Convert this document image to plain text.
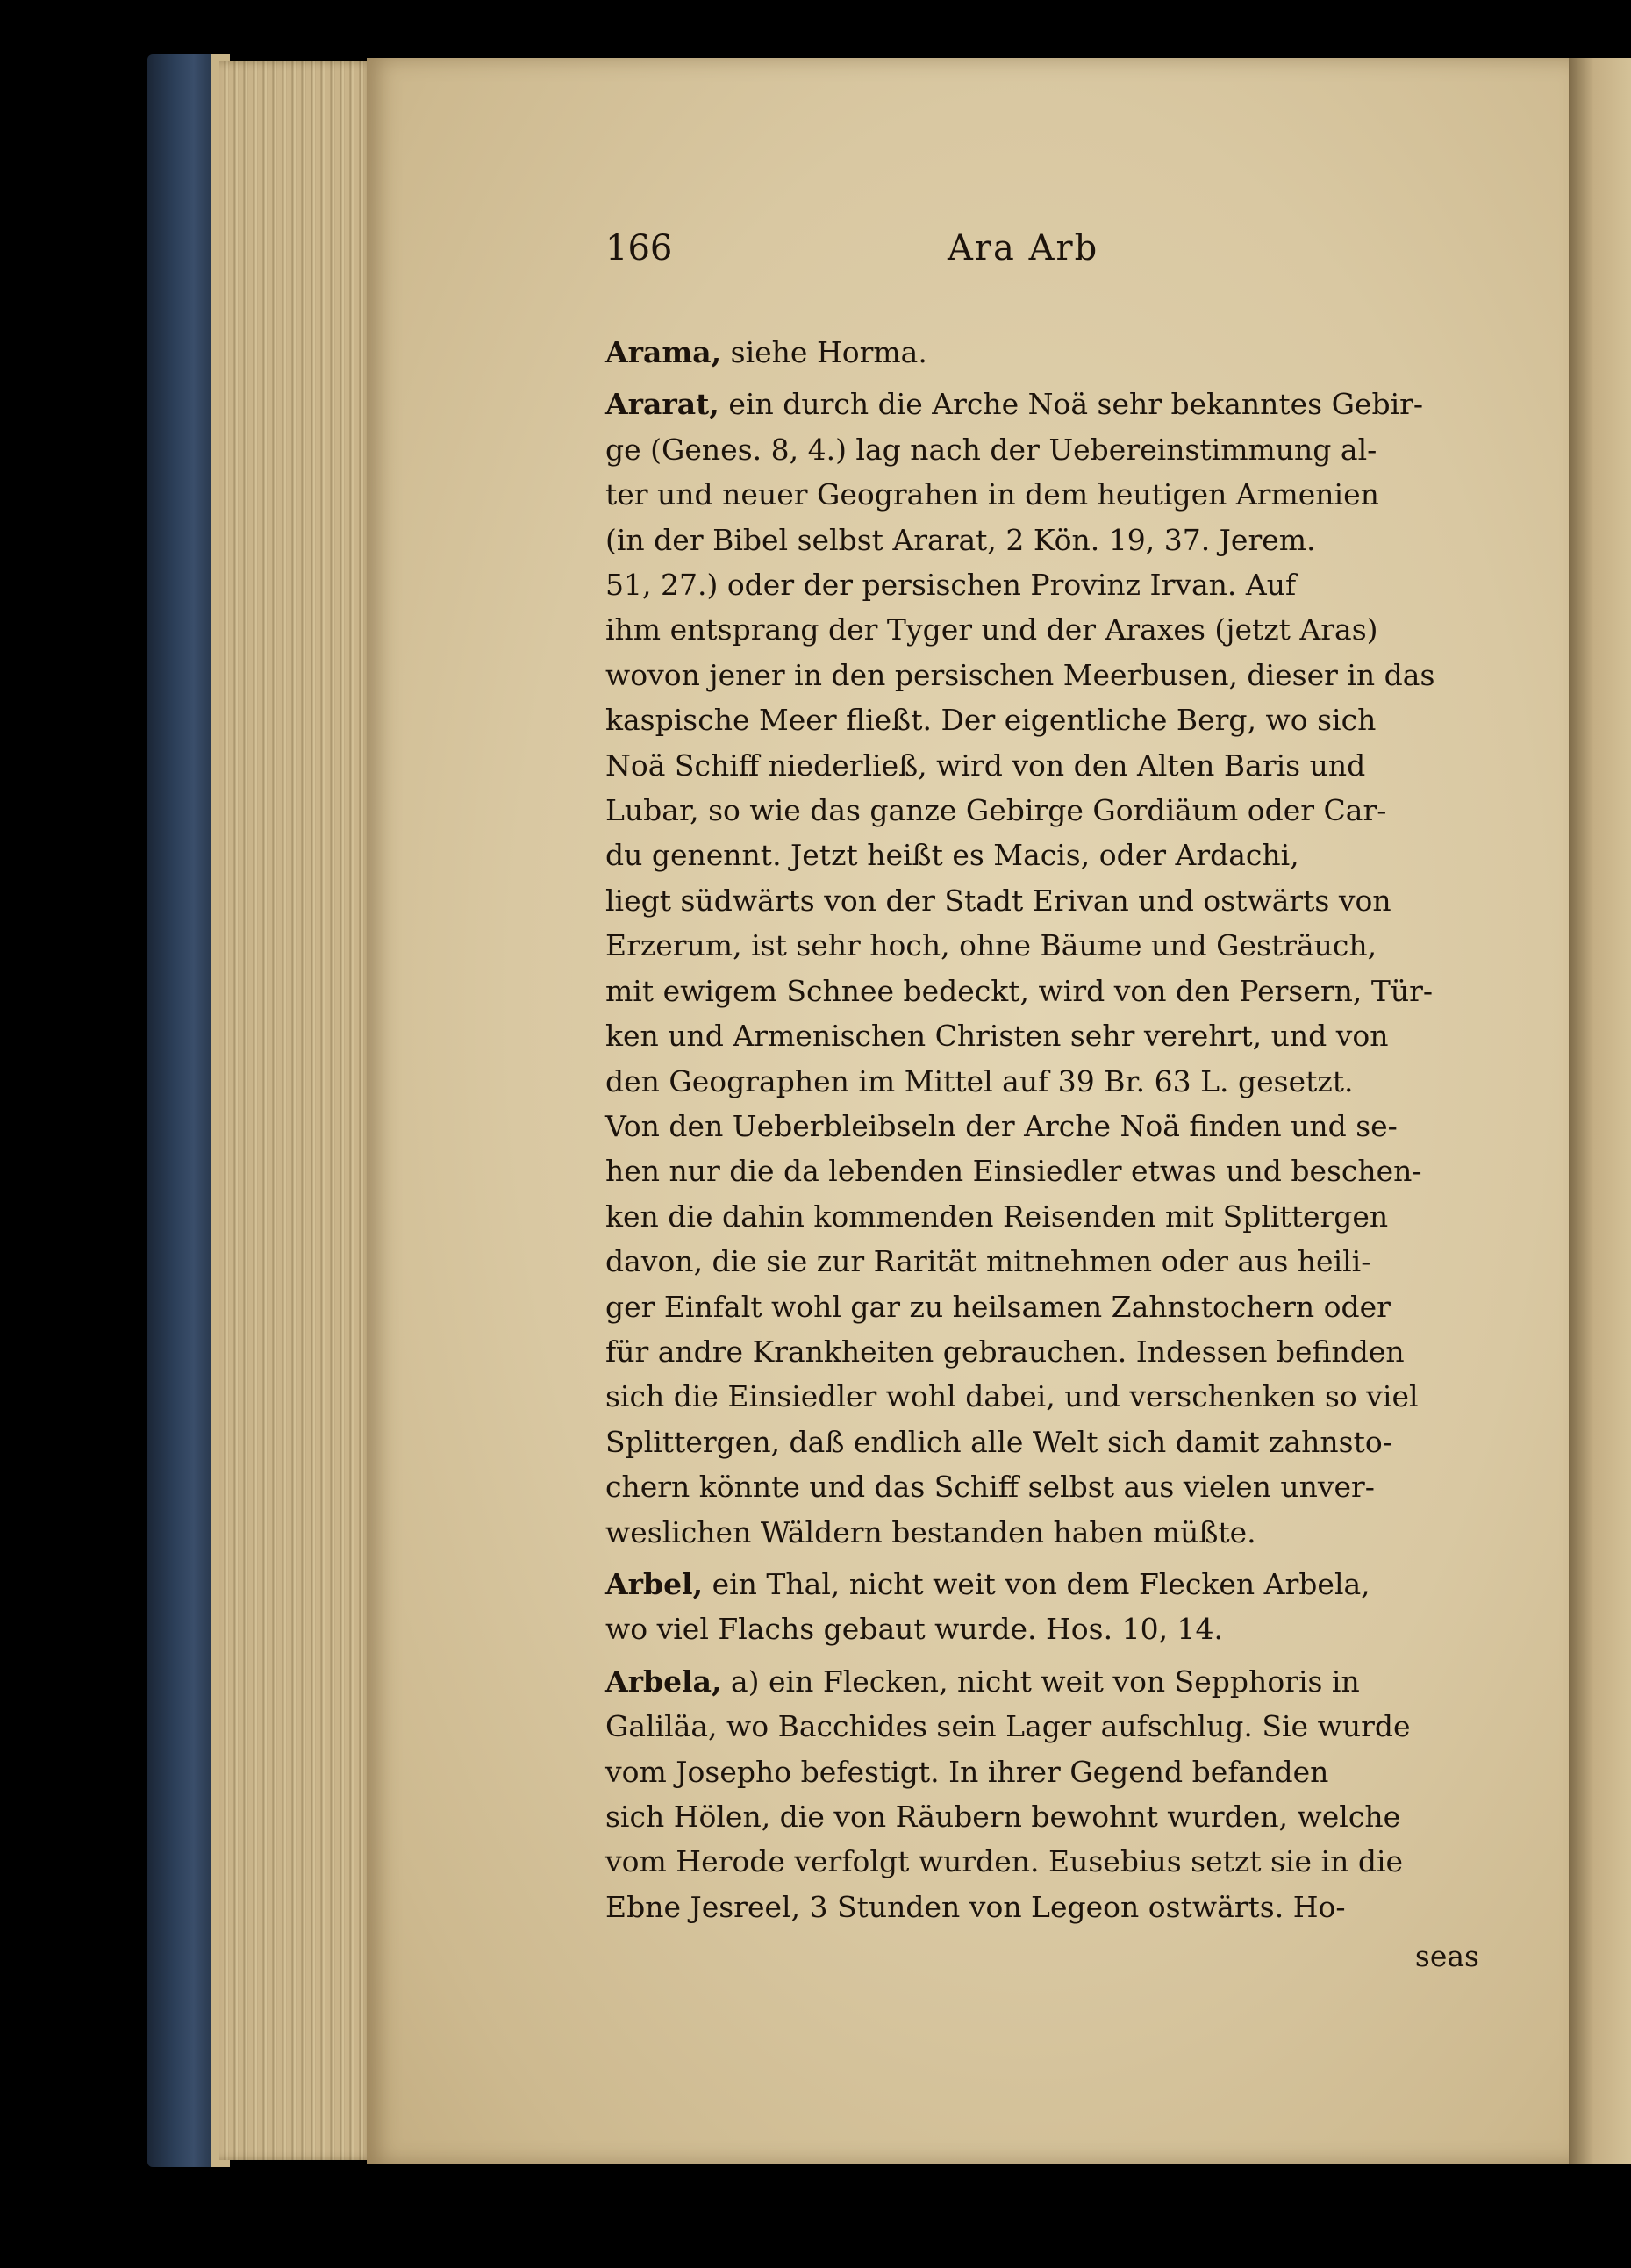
166	Ara Arb
Arama, siehe Horma.
Ararat, ein durch die Arche Noä sehr bekanntes Gebir-
ge (Genes. 8, 4.) lag nach der Uebereinstimmung al-
ter und neuer Geograhen in dem heutigen Armenien
(in der Bibel selbst Ararat, 2 Kön. 19, 37. Jerem.
51, 27.) oder der persischen Provinz Irvan. Auf
ihm entsprang der Tyger und der Araxes (jetzt Aras)
wovon jener in den persischen Meerbusen, dieser in das
kaspische Meer fließt. Der eigentliche Berg, wo sich
Noä Schiff niederließ, wird von den Alten Baris und
Lubar, so wie das ganze Gebirge Gordiäum oder Car-
du genennt. Jetzt heißt es Macis, oder Ardachi,
liegt südwärts von der Stadt Erivan und ostwärts von
Erzerum, ist sehr hoch, ohne Bäume und Gesträuch,
mit ewigem Schnee bedeckt, wird von den Persern, Tür-
ken und Armenischen Christen sehr verehrt, und von
den Geographen im Mittel auf 39 Br. 63 L. gesetzt.
Von den Ueberbleibseln der Arche Noä finden und se-
hen nur die da lebenden Einsiedler etwas und beschen-
ken die dahin kommenden Reisenden mit Splittergen
davon, die sie zur Rarität mitnehmen oder aus heili-
ger Einfalt wohl gar zu heilsamen Zahnstochern oder
für andre Krankheiten gebrauchen. Indessen befinden
sich die Einsiedler wohl dabei, und verschenken so viel
Splittergen, daß endlich alle Welt sich damit zahnsto-
chern könnte und das Schiff selbst aus vielen unver-
weslichen Wäldern bestanden haben müßte.
Arbel, ein Thal, nicht weit von dem Flecken Arbela,
wo viel Flachs gebaut wurde. Hos. 10, 14.
Arbela, a) ein Flecken, nicht weit von Sepphoris in
Galiläa, wo Bacchides sein Lager aufschlug. Sie wurde
vom Josepho befestigt. In ihrer Gegend befanden
sich Hölen, die von Räubern bewohnt wurden, welche
vom Herode verfolgt wurden. Eusebius setzt sie in die
Ebne Jesreel, 3 Stunden von Legeon ostwärts. Ho-
seas
